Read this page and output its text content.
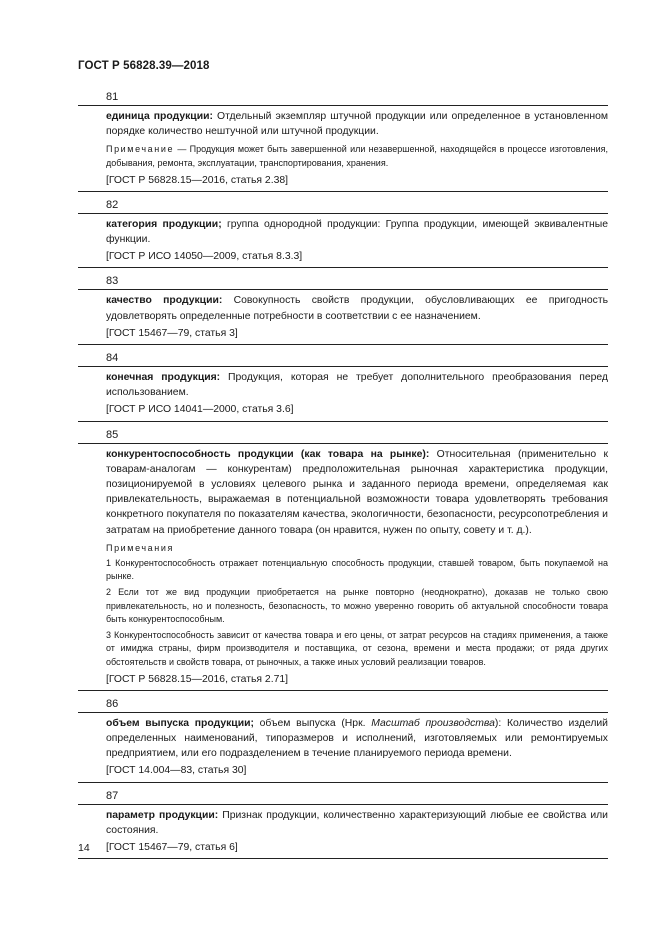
ГОСТ Р 56828.39—2018
81

единица продукции: Отдельный экземпляр штучной продукции или определенное в установленном порядке количество нештучной или штучной продукции.

Примечание — Продукция может быть завершенной или незавершенной, находящейся в процессе изготовления, добывания, ремонта, эксплуатации, транспортирования, хранения.

[ГОСТ Р 56828.15—2016, статья 2.38]

82

категория продукции; группа однородной продукции: Группа продукции, имеющей эквивалентные функции.

[ГОСТ Р ИСО 14050—2009, статья 8.3.3]

83

качество продукции: Совокупность свойств продукции, обусловливающих ее пригодность удовлетворять определенные потребности в соответствии с ее назначением.

[ГОСТ 15467—79, статья 3]

84

конечная продукция: Продукция, которая не требует дополнительного преобразования перед использованием.

[ГОСТ Р ИСО 14041—2000, статья 3.6]

85

конкурентоспособность продукции (как товара на рынке): Относительная (применительно к товарам-аналогам — конкурентам) предположительная рыночная характеристика продукции, позиционируемой в условиях целевого рынка и заданного периода времени, определяемая как привлекательность, выражаемая в потенциальной возможности товара удовлетворять требования конкретного покупателя по показателям качества, экологичности, безопасности, ресурсопотребления и затратам на приобретение данного товара (он нравится, нужен по опыту, совету и т. д.).

Примечания

1 Конкурентоспособность отражает потенциальную способность продукции, ставшей товаром, быть покупаемой на рынке.

2 Если тот же вид продукции приобретается на рынке повторно (неоднократно), доказав не только свою привлекательность, но и полезность, безопасность, то можно уверенно говорить об актуальной способности товара быть конкурентоспособным.

3 Конкурентоспособность зависит от качества товара и его цены, от затрат ресурсов на стадиях применения, а также от имиджа страны, фирм производителя и поставщика, от сезона, времени и места продажи; от ряда других обстоятельств и свойств товара, от рыночных, а также иных условий реализации товаров.

[ГОСТ Р 56828.15—2016, статья 2.71]

86

объем выпуска продукции; объем выпуска (Нрк. Масштаб производства): Количество изделий определенных наименований, типоразмеров и исполнений, изготовляемых или ремонтируемых предприятием, или его подразделением в течение планируемого периода времени.

[ГОСТ 14.004—83, статья 30]

87

параметр продукции: Признак продукции, количественно характеризующий любые ее свойства или состояния.

[ГОСТ 15467—79, статья 6]

14
